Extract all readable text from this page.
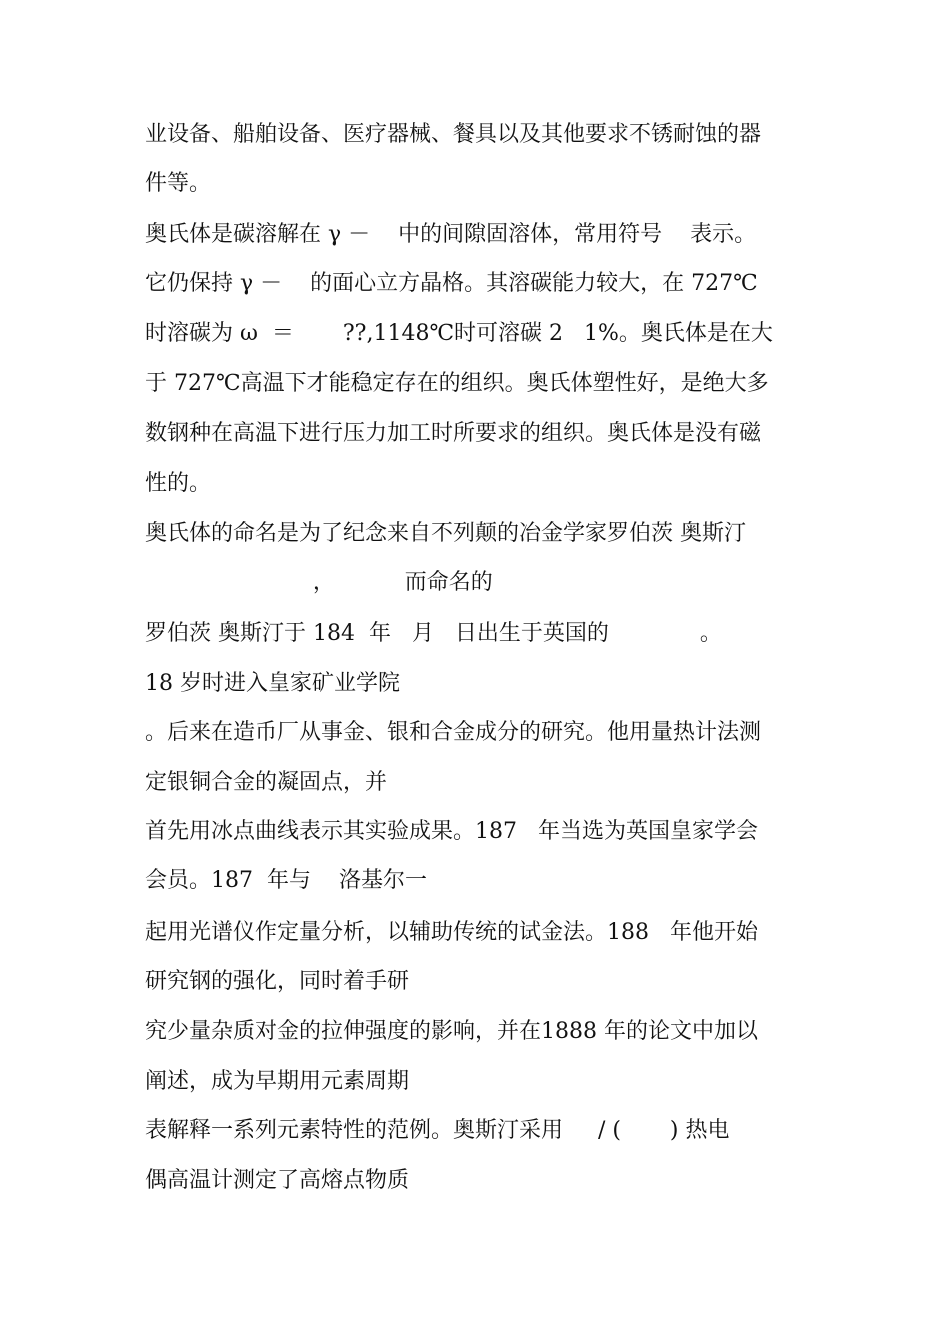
业设备、船舶设备、医疗器械、餐具以及其他要求不锈耐蚀的器
件等。
奥氏体是碳溶解在 γ －    中的间隙固溶体，常用符号    表示。
它仍保持 γ －    的面心立方晶格。其溶碳能力较大，在 727℃
时溶碳为 ω  ＝       ??,1148℃时可溶碳 2   1%。奥氏体是在大
于 727℃高温下才能稳定存在的组织。奥氏体塑性好，是绝大多
数钢种在高温下进行压力加工时所要求的组织。奥氏体是没有磁
性的。
奥氏体的命名是为了纪念来自不列颠的冶金学家罗伯茨 奥斯汀
，          而命名的
罗伯茨 奥斯汀于 184  年   月   日出生于英国的             。
18 岁时进入皇家矿业学院
。后来在造币厂从事金、银和合金成分的研究。他用量热计法测
定银铜合金的凝固点，并
首先用冰点曲线表示其实验成果。187   年当选为英国皇家学会
会员。187  年与    洛基尔一
起用光谱仪作定量分析，以辅助传统的试金法。188   年他开始
研究钢的强化，同时着手研
究少量杂质对金的拉伸强度的影响，并在1888 年的论文中加以
阐述，成为早期用元素周期
表解释一系列元素特性的范例。奥斯汀采用     / (       ) 热电
偶高温计测定了高熔点物质
